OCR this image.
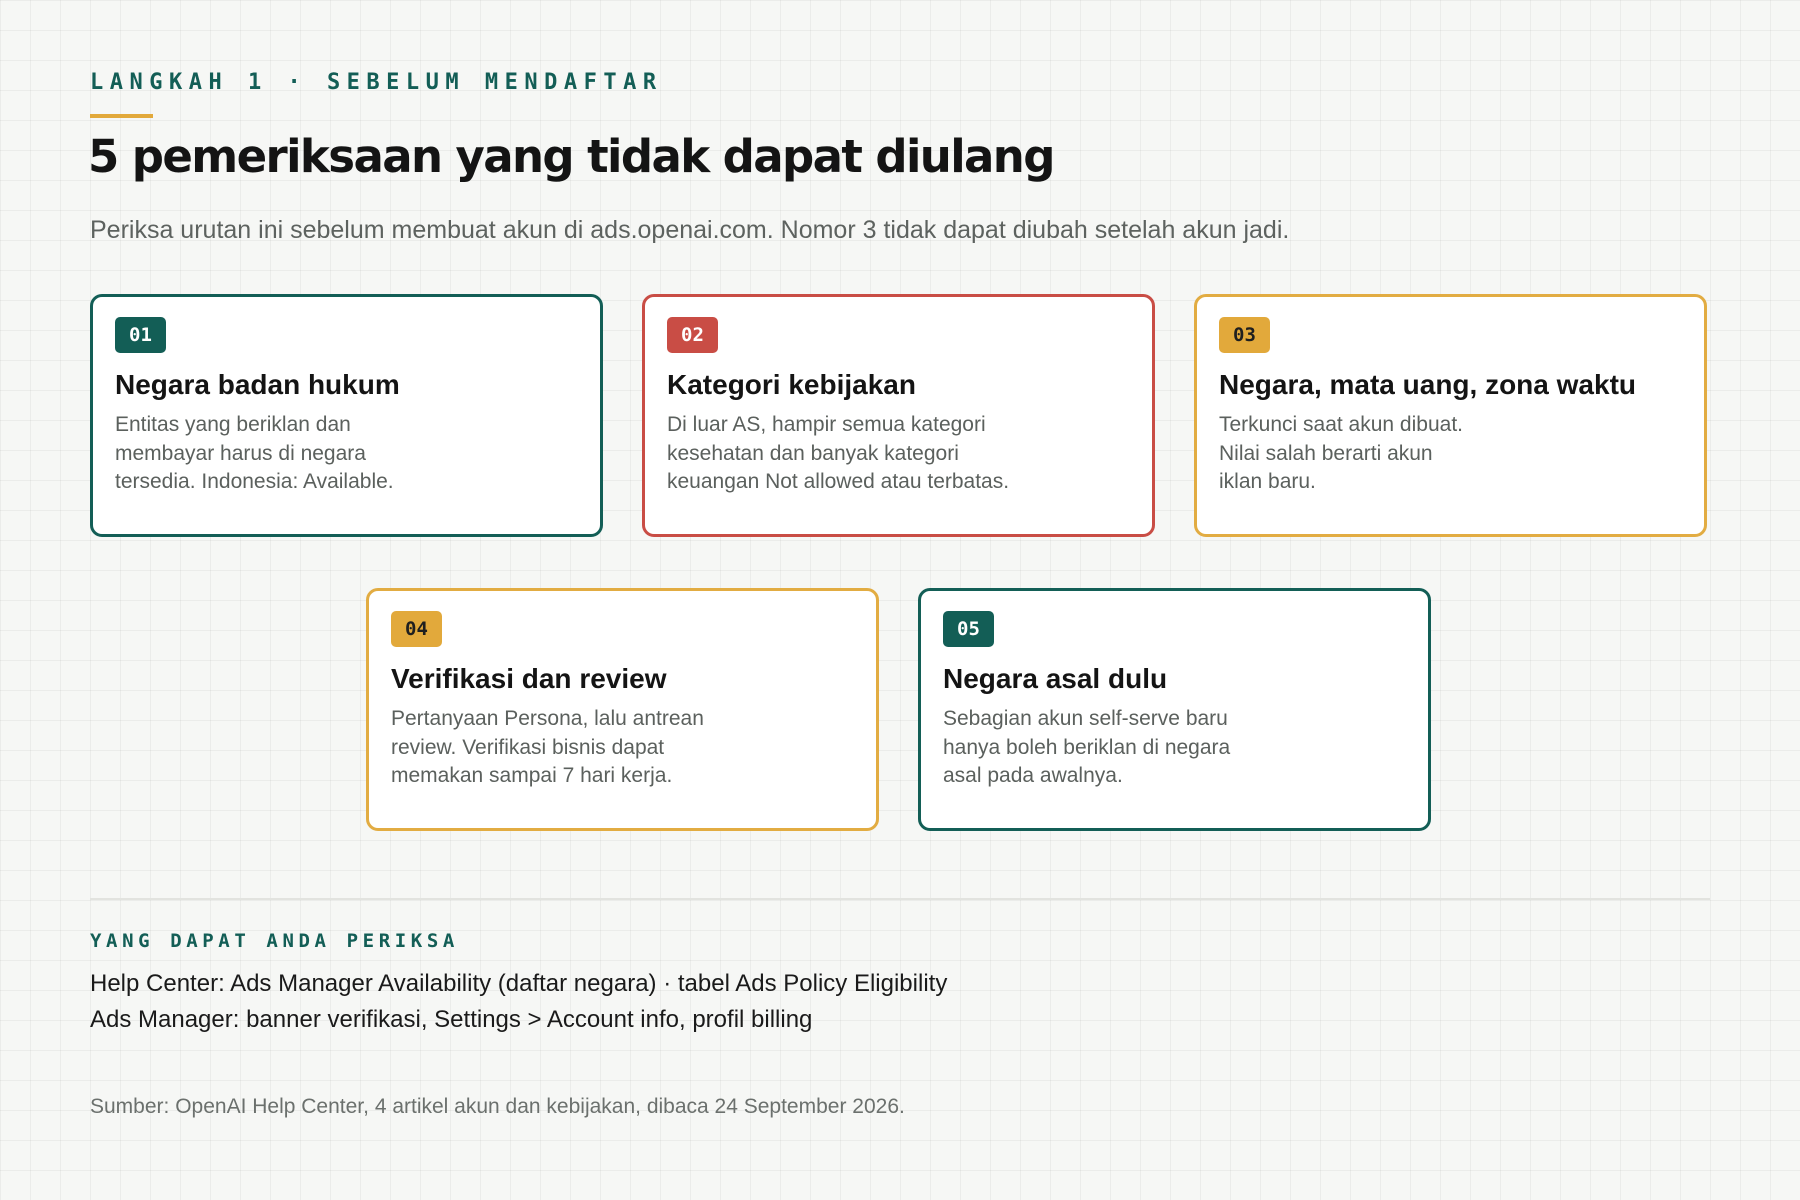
LANGKAH 1 · SEBELUM MENDAFTAR
5 pemeriksaan yang tidak dapat diulang
Periksa urutan ini sebelum membuat akun di ads.openai.com. Nomor 3 tidak dapat diubah setelah akun jadi.
01
Negara badan hukum
Entitas yang beriklan dan
membayar harus di negara
tersedia. Indonesia: Available.
02
Kategori kebijakan
Di luar AS, hampir semua kategori
kesehatan dan banyak kategori
keuangan Not allowed atau terbatas.
03
Negara, mata uang, zona waktu
Terkunci saat akun dibuat.
Nilai salah berarti akun
iklan baru.
04
Verifikasi dan review
Pertanyaan Persona, lalu antrean
review. Verifikasi bisnis dapat
memakan sampai 7 hari kerja.
05
Negara asal dulu
Sebagian akun self-serve baru
hanya boleh beriklan di negara
asal pada awalnya.
YANG DAPAT ANDA PERIKSA
Help Center: Ads Manager Availability (daftar negara) · tabel Ads Policy Eligibility
Ads Manager: banner verifikasi, Settings > Account info, profil billing
Sumber: OpenAI Help Center, 4 artikel akun dan kebijakan, dibaca 24 September 2026.
